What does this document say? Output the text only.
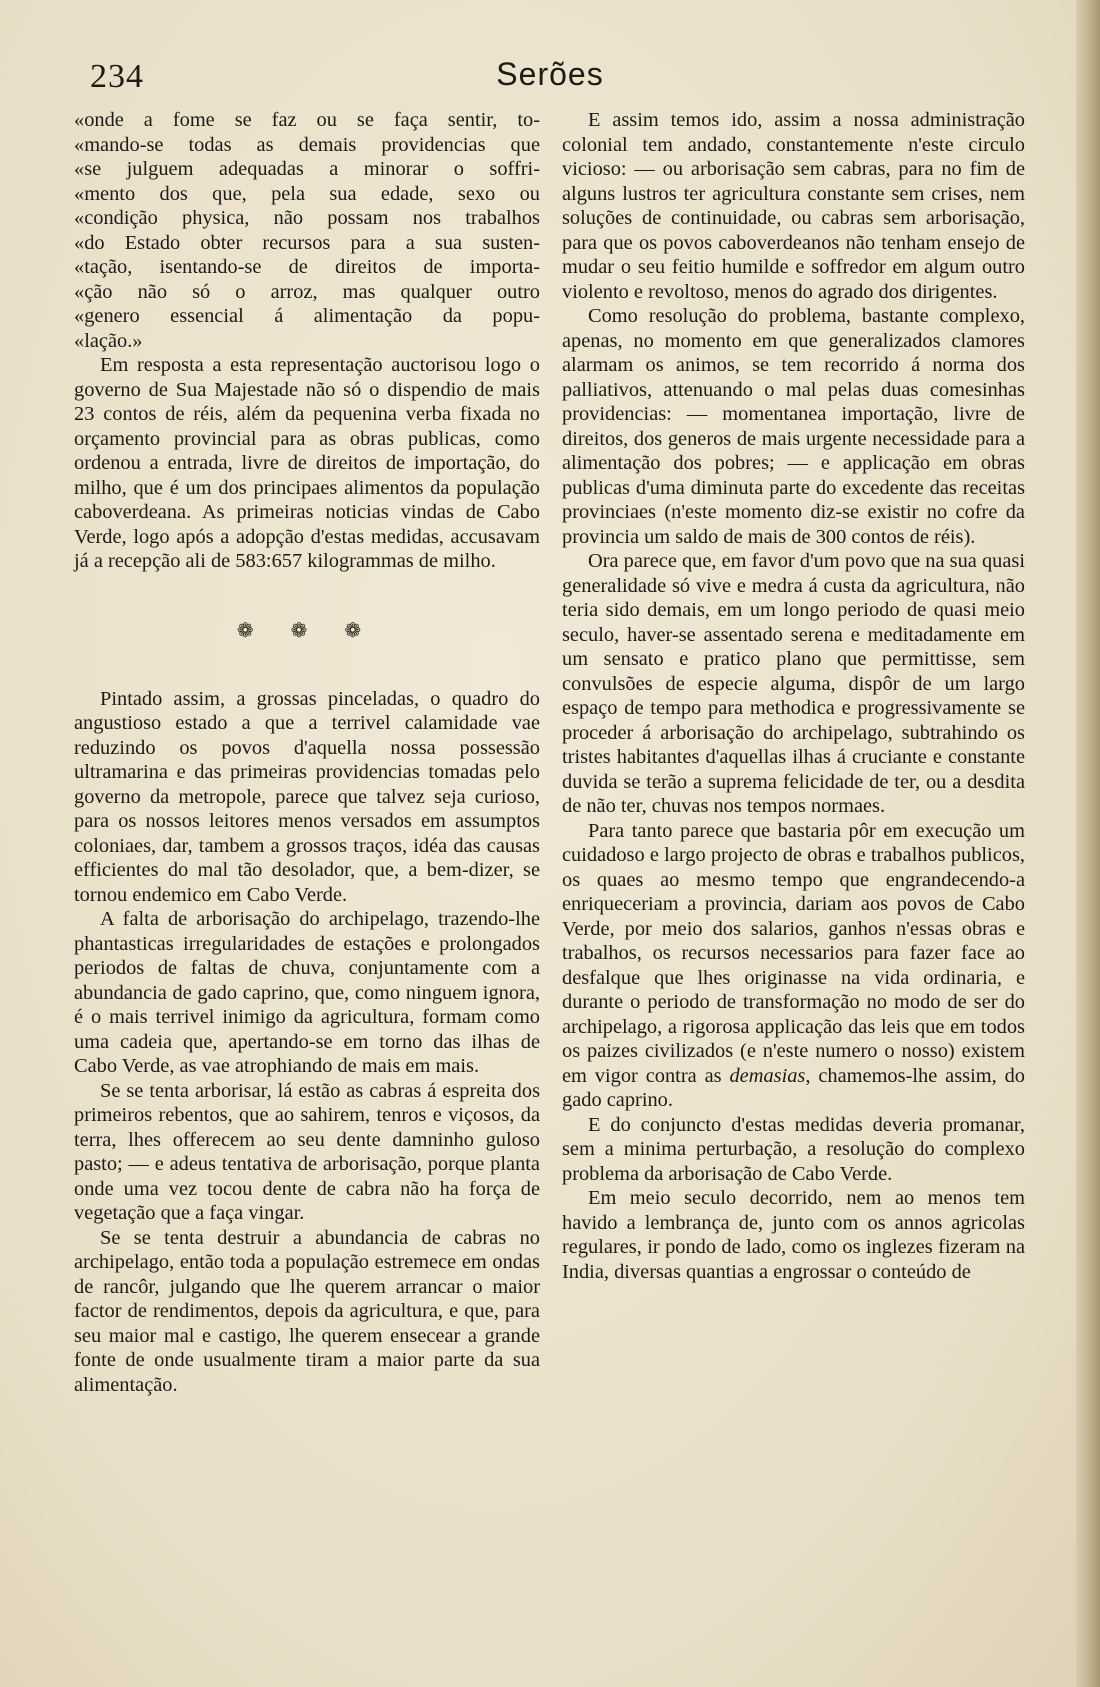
234	Serões
«onde a fome se faz ou se faça sentir, to-
«mando-se todas as demais providencias que
«se julguem adequadas a minorar o soffri-
«mento dos que, pela sua edade, sexo ou
«condição physica, não possam nos trabalhos
«do Estado obter recursos para a sua susten-
«tação, isentando-se de direitos de importa-
«ção não só o arroz, mas qualquer outro
«genero essencial á alimentação da popu-
«lação.»

Em resposta a esta representação auctorisou logo o governo de Sua Majestade não só o dispendio de mais 23 contos de réis, além da pequenina verba fixada no orçamento provincial para as obras publicas, como ordenou a entrada, livre de direitos de importação, do milho, que é um dos principaes alimentos da população caboverdeana. As primeiras noticias vindas de Cabo Verde, logo após a adopção d'estas medidas, accusavam já a recepção ali de 583:657 kilogrammas de milho.

❁ ❁ ❁

Pintado assim, a grossas pinceladas, o quadro do angustioso estado a que a terrivel calamidade vae reduzindo os povos d'aquella nossa possessão ultramarina e das primeiras providencias tomadas pelo governo da metropole, parece que talvez seja curioso, para os nossos leitores menos versados em assumptos coloniaes, dar, tambem a grossos traços, idéa das causas efficientes do mal tão desolador, que, a bem-dizer, se tornou endemico em Cabo Verde.

A falta de arborisação do archipelago, trazendo-lhe phantasticas irregularidades de estações e prolongados periodos de faltas de chuva, conjuntamente com a abundancia de gado caprino, que, como ninguem ignora, é o mais terrivel inimigo da agricultura, formam como uma cadeia que, apertando-se em torno das ilhas de Cabo Verde, as vae atrophiando de mais em mais.

Se se tenta arborisar, lá estão as cabras á espreita dos primeiros rebentos, que ao sahirem, tenros e viçosos, da terra, lhes offerecem ao seu dente damninho guloso pasto; — e adeus tentativa de arborisação, porque planta onde uma vez tocou dente de cabra não ha força de vegetação que a faça vingar.

Se se tenta destruir a abundancia de cabras no archipelago, então toda a população estremece em ondas de rancôr, julgando que lhe querem arrancar o maior factor de rendimentos, depois da agricultura, e que, para seu maior mal e castigo, lhe querem ensecear a grande fonte de onde usualmente tiram a maior parte da sua alimentação.

E assim temos ido, assim a nossa administração colonial tem andado, constantemente n'este circulo vicioso: — ou arborisação sem cabras, para no fim de alguns lustros ter agricultura constante sem crises, nem soluções de continuidade, ou cabras sem arborisação, para que os povos caboverdeanos não tenham ensejo de mudar o seu feitio humilde e soffredor em algum outro violento e revoltoso, menos do agrado dos dirigentes.

Como resolução do problema, bastante complexo, apenas, no momento em que generalizados clamores alarmam os animos, se tem recorrido á norma dos palliativos, attenuando o mal pelas duas comesinhas providencias: — momentanea importação, livre de direitos, dos generos de mais urgente necessidade para a alimentação dos pobres; — e applicação em obras publicas d'uma diminuta parte do excedente das receitas provinciaes (n'este momento diz-se existir no cofre da provincia um saldo de mais de 300 contos de réis).

Ora parece que, em favor d'um povo que na sua quasi generalidade só vive e medra á custa da agricultura, não teria sido demais, em um longo periodo de quasi meio seculo, haver-se assentado serena e meditadamente em um sensato e pratico plano que permittisse, sem convulsões de especie alguma, dispôr de um largo espaço de tempo para methodica e progressivamente se proceder á arborisação do archipelago, subtrahindo os tristes habitantes d'aquellas ilhas á cruciante e constante duvida se terão a suprema felicidade de ter, ou a desdita de não ter, chuvas nos tempos normaes.

Para tanto parece que bastaria pôr em execução um cuidadoso e largo projecto de obras e trabalhos publicos, os quaes ao mesmo tempo que engrandecendo-a enriqueceriam a provincia, dariam aos povos de Cabo Verde, por meio dos salarios, ganhos n'essas obras e trabalhos, os recursos necessarios para fazer face ao desfalque que lhes originasse na vida ordinaria, e durante o periodo de transformação no modo de ser do archipelago, a rigorosa applicação das leis que em todos os paizes civilizados (e n'este numero o nosso) existem em vigor contra as demasias, chamemos-lhe assim, do gado caprino.

E do conjuncto d'estas medidas deveria promanar, sem a minima perturbação, a resolução do complexo problema da arborisação de Cabo Verde.

Em meio seculo decorrido, nem ao menos tem havido a lembrança de, junto com os annos agricolas regulares, ir pondo de lado, como os inglezes fizeram na India, diversas quantias a engrossar o conteúdo de
